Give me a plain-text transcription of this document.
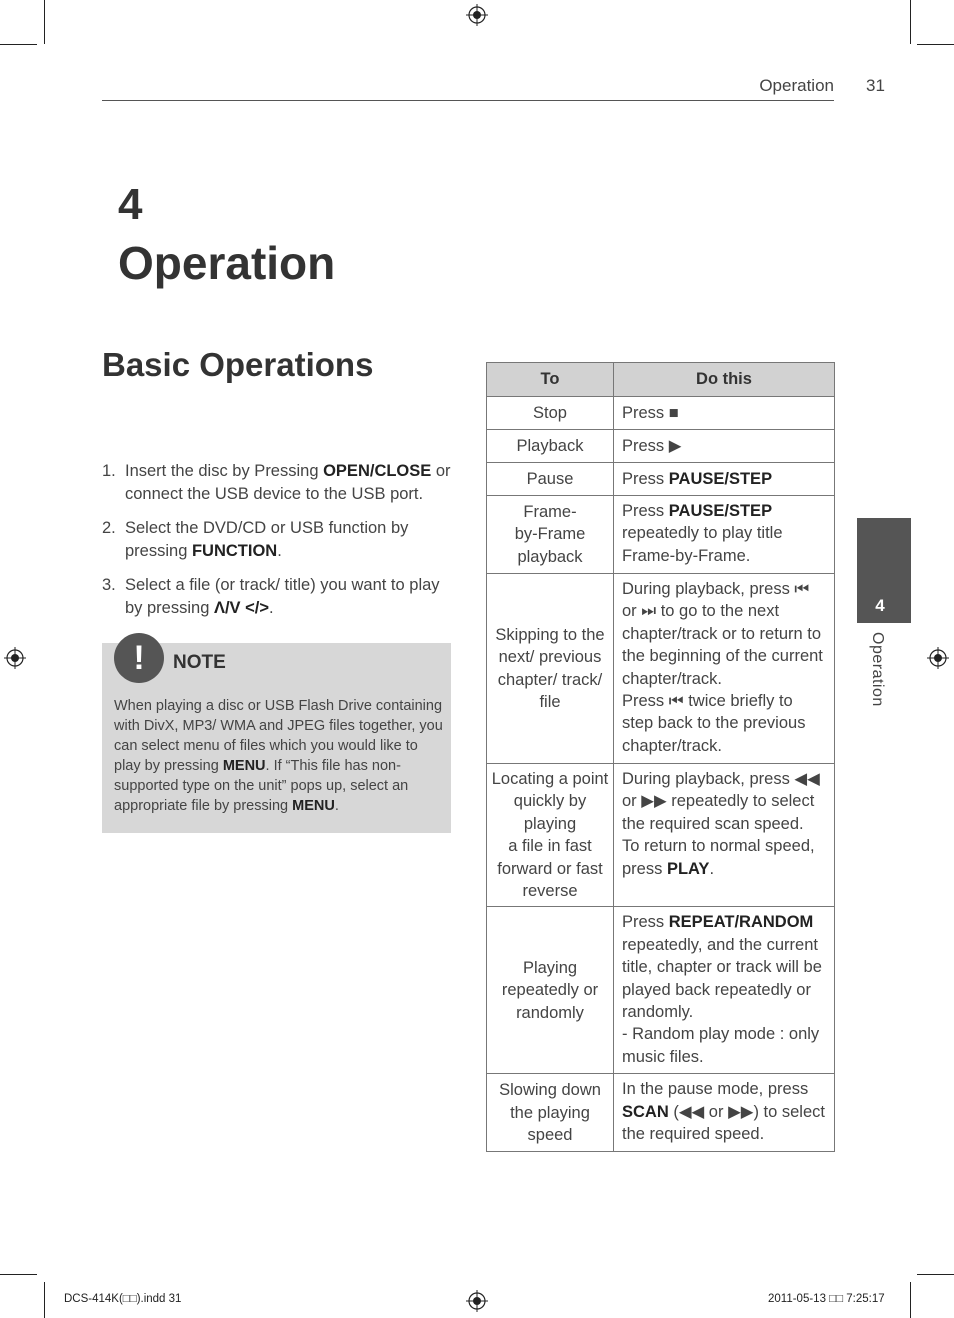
Operation 31
4
Operation
Basic Operations
1. Insert the disc by Pressing OPEN/CLOSE or connect the USB device to the USB port.
2. Select the DVD/CD or USB function by pressing FUNCTION.
3. Select a file (or track/ title) you want to play by pressing Λ/V </>.
!	NOTE
When playing a disc or USB Flash Drive containing with DivX, MP3/ WMA and JPEG files together, you can select menu of files which you would like to play by pressing MENU. If “This file has non-supported type on the unit” pops up, select an appropriate file by pressing MENU.
To	Do this
Stop	Press ■
Playback	Press ▶
Pause	Press PAUSE/STEP
Frame-
by-Frame
playback	Press PAUSE/STEP repeatedly to play title Frame-by-Frame.
Skipping to the next/ previous chapter/ track/ file	During playback, press ⏮ or ⏭ to go to the next chapter/track or to return to the beginning of the current chapter/track.
Press ⏮ twice briefly to step back to the previous chapter/track.
Locating a point quickly by playing
a file in fast forward or fast reverse	During playback, press ◀◀ or ▶▶ repeatedly to select the required scan speed.
To return to normal speed, press PLAY.
Playing repeatedly or randomly	Press REPEAT/RANDOM repeatedly, and the current title, chapter or track will be played back repeatedly or randomly.
- Random play mode : only music files.
Slowing down the playing speed	In the pause mode, press SCAN (◀◀ or ▶▶) to select the required speed.
4
Operation
DCS-414K(□□).indd 31	2011-05-13 □□ 7:25:17
